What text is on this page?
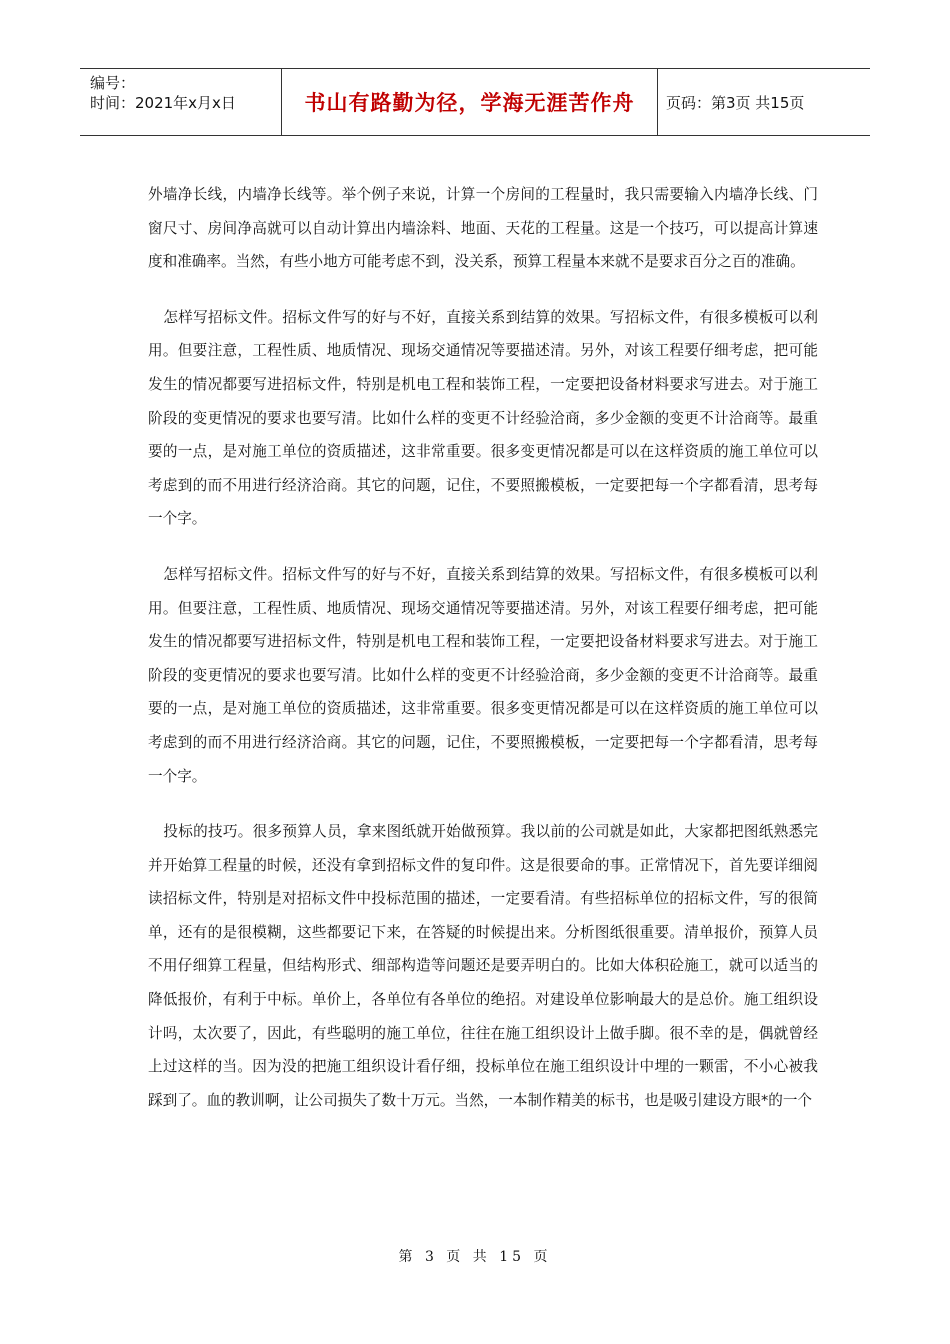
编号：
时间：2021年x月x日	书山有路勤为径，学海无涯苦作舟 页码：第3页 共15页

外墙净长线，内墙净长线等。举个例子来说，计算一个房间的工程量时，我只需要输入内墙净长线、门窗尺寸、房间净高就可以自动计算出内墙涂料、地面、天花的工程量。这是一个技巧，可以提高计算速度和准确率。当然，有些小地方可能考虑不到，没关系，预算工程量本来就不是要求百分之百的准确。

怎样写招标文件。招标文件写的好与不好，直接关系到结算的效果。写招标文件，有很多模板可以利用。但要注意，工程性质、地质情况、现场交通情况等要描述清。另外，对该工程要仔细考虑，把可能发生的情况都要写进招标文件，特别是机电工程和装饰工程，一定要把设备材料要求写进去。对于施工阶段的变更情况的要求也要写清。比如什么样的变更不计经验洽商，多少金额的变更不计洽商等。最重要的一点，是对施工单位的资质描述，这非常重要。很多变更情况都是可以在这样资质的施工单位可以考虑到的而不用进行经济洽商。其它的问题，记住，不要照搬模板，一定要把每一个字都看清，思考每一个字。

怎样写招标文件。招标文件写的好与不好，直接关系到结算的效果。写招标文件，有很多模板可以利用。但要注意，工程性质、地质情况、现场交通情况等要描述清。另外，对该工程要仔细考虑，把可能发生的情况都要写进招标文件，特别是机电工程和装饰工程，一定要把设备材料要求写进去。对于施工阶段的变更情况的要求也要写清。比如什么样的变更不计经验洽商，多少金额的变更不计洽商等。最重要的一点，是对施工单位的资质描述，这非常重要。很多变更情况都是可以在这样资质的施工单位可以考虑到的而不用进行经济洽商。其它的问题，记住，不要照搬模板，一定要把每一个字都看清，思考每一个字。

投标的技巧。很多预算人员，拿来图纸就开始做预算。我以前的公司就是如此，大家都把图纸熟悉完并开始算工程量的时候，还没有拿到招标文件的复印件。这是很要命的事。正常情况下，首先要详细阅读招标文件，特别是对招标文件中投标范围的描述，一定要看清。有些招标单位的招标文件，写的很简单，还有的是很模糊，这些都要记下来，在答疑的时候提出来。分析图纸很重要。清单报价，预算人员不用仔细算工程量，但结构形式、细部构造等问题还是要弄明白的。比如大体积砼施工，就可以适当的降低报价，有利于中标。单价上，各单位有各单位的绝招。对建设单位影响最大的是总价。施工组织设计吗，太次要了，因此，有些聪明的施工单位，往往在施工组织设计上做手脚。很不幸的是，偶就曾经上过这样的当。因为没的把施工组织设计看仔细，投标单位在施工组织设计中埋的一颗雷，不小心被我踩到了。血的教训啊，让公司损失了数十万元。当然，一本制作精美的标书，也是吸引建设方眼*的一个

第 3 页 共 15 页
